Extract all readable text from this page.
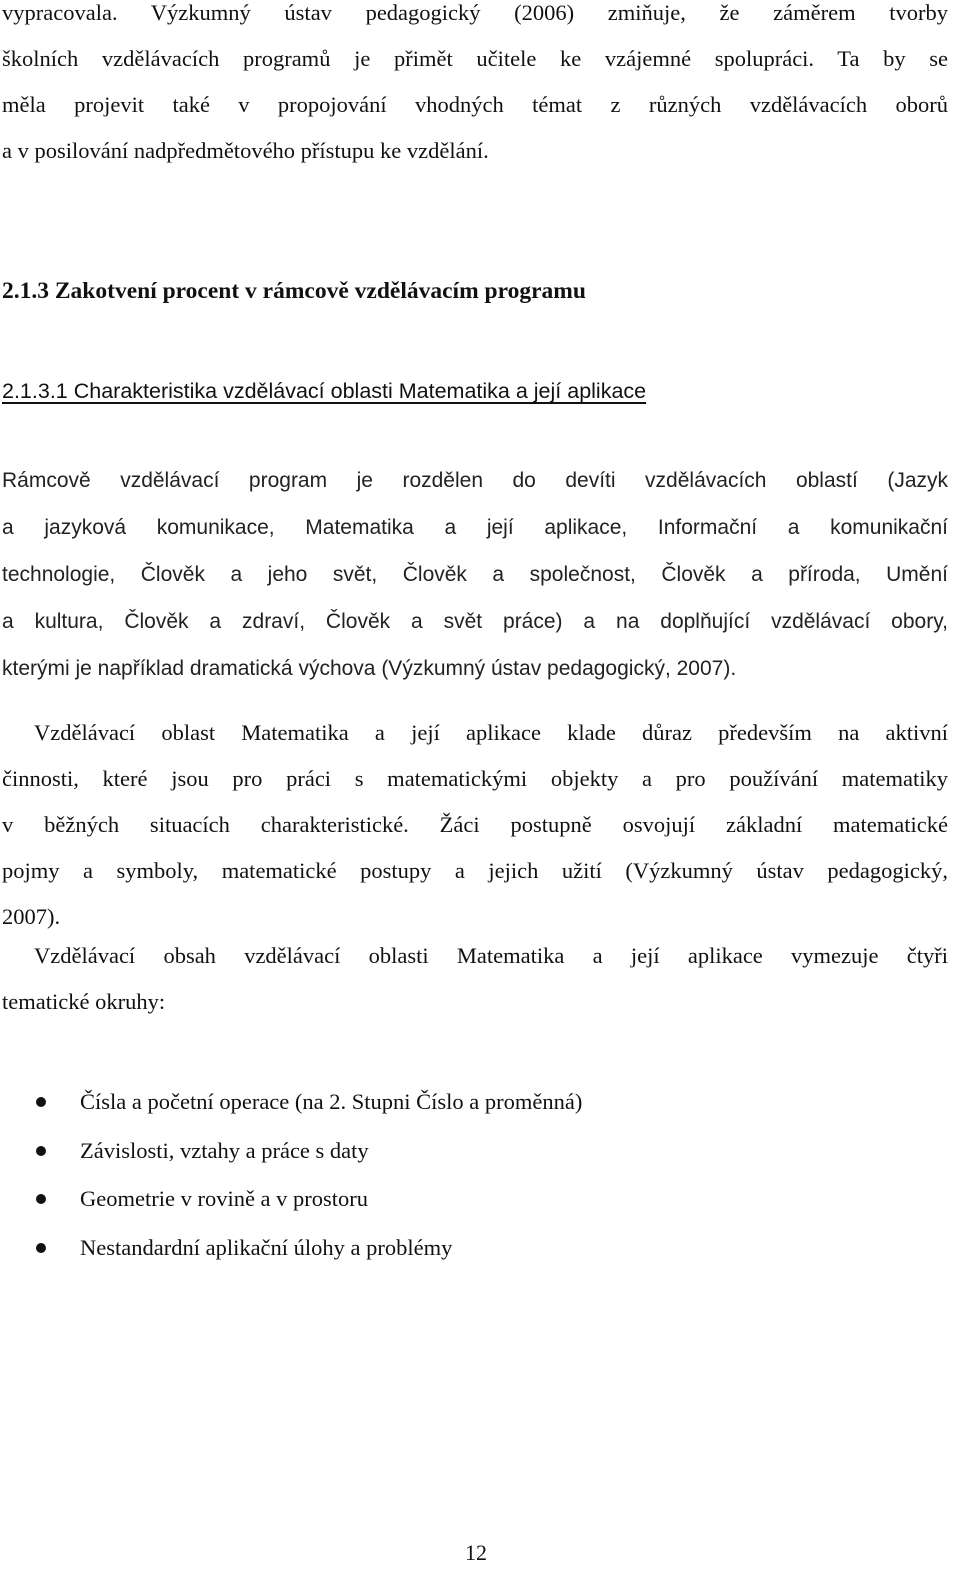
vypracovala. Výzkumný ústav pedagogický (2006) zmiňuje, že záměrem tvorby
školních vzdělávacích programů je přimět učitele ke vzájemné spolupráci. Ta by se
měla projevit také v propojování vhodných témat z různých vzdělávacích oborů
a v posilování nadpředmětového přístupu ke vzdělání.
2.1.3 Zakotvení procent v rámcově vzdělávacím programu
2.1.3.1 Charakteristika vzdělávací oblasti Matematika a její aplikace
Rámcově vzdělávací program je rozdělen do devíti vzdělávacích oblastí (Jazyk
a jazyková komunikace, Matematika a její aplikace, Informační a komunikační
technologie, Člověk a jeho svět, Člověk a společnost, Člověk a příroda, Umění
a kultura, Člověk a zdraví, Člověk a svět práce) a na doplňující vzdělávací obory,
kterými je například dramatická výchova (Výzkumný ústav pedagogický, 2007).
Vzdělávací oblast Matematika a její aplikace klade důraz především na aktivní
činnosti, které jsou pro práci s matematickými objekty a pro používání matematiky
v běžných situacích charakteristické. Žáci postupně osvojují základní matematické
pojmy a symboly, matematické postupy a jejich užití (Výzkumný ústav pedagogický,
2007).
Vzdělávací obsah vzdělávací oblasti Matematika a její aplikace vymezuje čtyři
tematické okruhy:
Čísla a početní operace (na 2. Stupni Číslo a proměnná)
Závislosti, vztahy a práce s daty
Geometrie v rovině a v prostoru
Nestandardní aplikační úlohy a problémy
12
